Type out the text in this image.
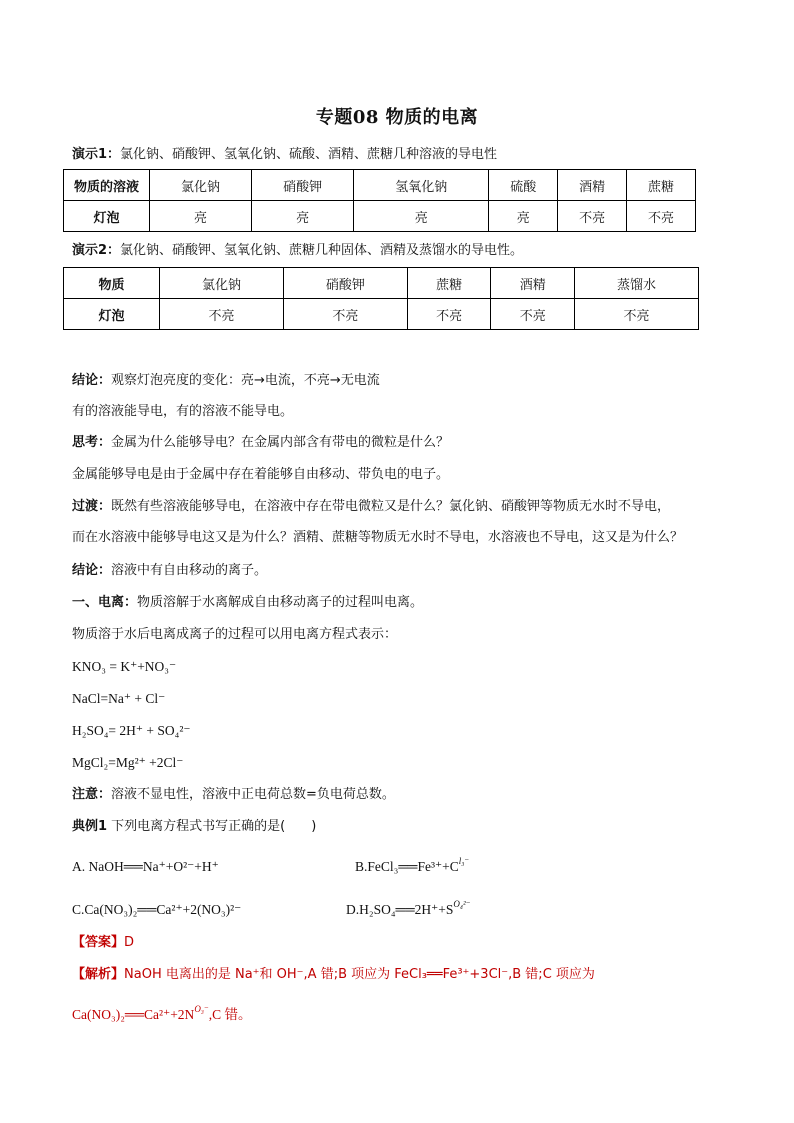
专题08 物质的电离
演示1：氯化钠、硝酸钾、氢氧化钠、硫酸、酒精、蔗糖几种溶液的导电性
物质的溶液	氯化钠	硝酸钾	氢氧化钠	硫酸	酒精	蔗糖
灯泡	亮	亮	亮	亮	不亮	不亮
演示2：氯化钠、硝酸钾、氢氧化钠、蔗糖几种固体、酒精及蒸馏水的导电性。
物质	氯化钠	硝酸钾	蔗糖	酒精	蒸馏水
灯泡	不亮	不亮	不亮	不亮	不亮
结论：观察灯泡亮度的变化：亮→电流，不亮→无电流
有的溶液能导电，有的溶液不能导电。
思考：金属为什么能够导电？在金属内部含有带电的微粒是什么？
金属能够导电是由于金属中存在着能够自由移动、带负电的电子。
过渡：既然有些溶液能够导电，在溶液中存在带电微粒又是什么？氯化钠、硝酸钾等物质无水时不导电，
而在水溶液中能够导电这又是为什么？酒精、蔗糖等物质无水时不导电，水溶液也不导电，这又是为什么？
结论：溶液中有自由移动的离子。
一、电离：物质溶解于水离解成自由移动离子的过程叫电离。
物质溶于水后电离成离子的过程可以用电离方程式表示：
KNO₃ = K⁺+NO₃⁻
NaCl=Na⁺ + Cl⁻
H₂SO₄= 2H⁺ + SO₄²⁻
MgCl₂=Mg²⁺ +2Cl⁻
注意：溶液不显电性，溶液中正电荷总数=负电荷总数。
典例1 下列电离方程式书写正确的是(　　)
A. NaOH══Na⁺+O²⁻+H⁺	$B.FeCl_3══Fe^{3+}+C^{l_3^-}$
C.Ca(NO₃)₂══Ca²⁺+2(NO₃)²⁻	$D.H_2SO_4══2H^++S^{O_4^{2-}}$
【答案】D
【解析】NaOH 电离出的是 Na⁺和 OH⁻,A 错;B 项应为 FeCl₃══Fe³⁺+3Cl⁻,B 错;C 项应为
$Ca(NO_3)_2══Ca^{2+}+2N^{O_3^-},C$ 错。
